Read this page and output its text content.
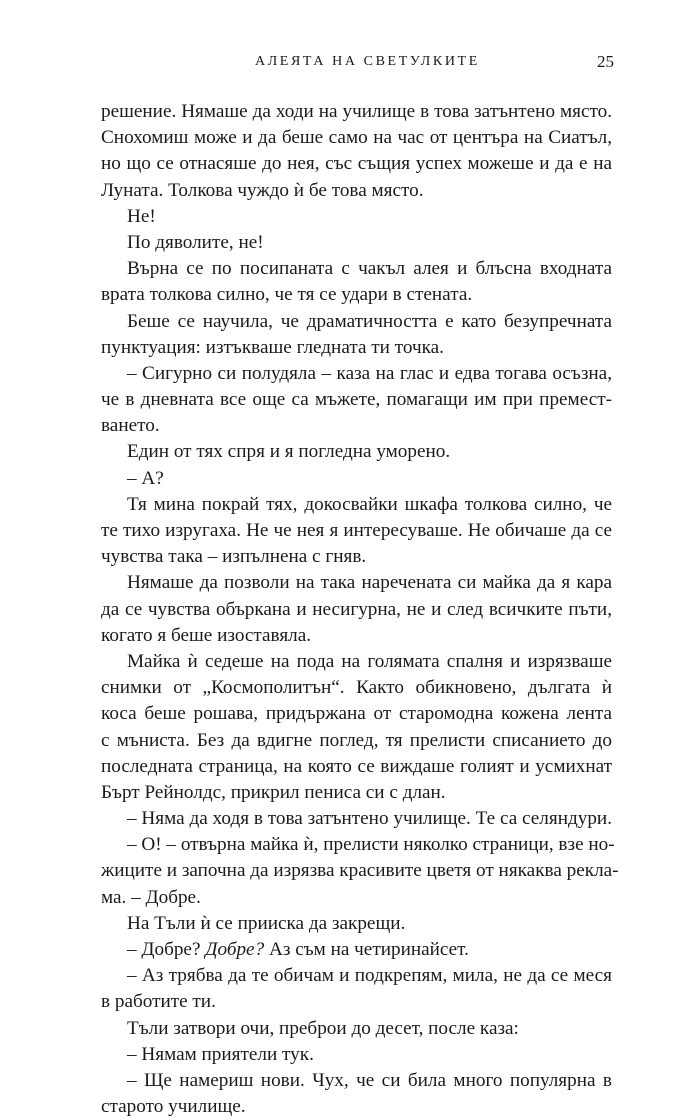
АЛЕЯТА НА СВЕТУЛКИТЕ	25
решение. Нямаше да ходи на училище в това затънтено място.
Снохомиш може и да беше само на час от центъра на Сиатъл,
но що се отнасяше до нея, със същия успех можеше и да е на
Луната. Толкова чуждо ѝ бе това място.
Не!
По дяволите, не!
Върна се по посипаната с чакъл алея и блъсна входната
врата толкова силно, че тя се удари в стената.
Беше се научила, че драматичността е като безупречната
пунктуация: изтъкваше гледната ти точка.
– Сигурно си полудяла – каза на глас и едва тогава осъзна,
че в дневната все още са мъжете, помагащи им при премест-
ването.
Един от тях спря и я погледна уморено.
– А?
Тя мина покрай тях, докосвайки шкафа толкова силно, че
те тихо изругаха. Не че нея я интересуваше. Не обичаше да се
чувства така – изпълнена с гняв.
Нямаше да позволи на така наречената си майка да я кара
да се чувства объркана и несигурна, не и след всичките пъти,
когато я беше изоставяла.
Майка ѝ седеше на пода на голямата спалня и изрязваше
снимки от „Космополитън“. Както обикновено, дългата ѝ
коса беше рошава, придържана от старомодна кожена лента
с мъниста. Без да вдигне поглед, тя прелисти списанието до
последната страница, на която се виждаше голият и усмихнат
Бърт Рейнолдс, прикрил пениса си с длан.
– Няма да ходя в това затънтено училище. Те са селяндури.
– О! – отвърна майка ѝ, прелисти няколко страници, взе но-
жиците и започна да изрязва красивите цветя от някаква рекла-
ма. – Добре.
На Тъли ѝ се прииска да закрещи.
– Добре? Добре? Аз съм на четиринайсет.
– Аз трябва да те обичам и подкрепям, мила, не да се меся
в работите ти.
Тъли затвори очи, преброи до десет, после каза:
– Нямам приятели тук.
– Ще намериш нови. Чух, че си била много популярна в
старото училище.
